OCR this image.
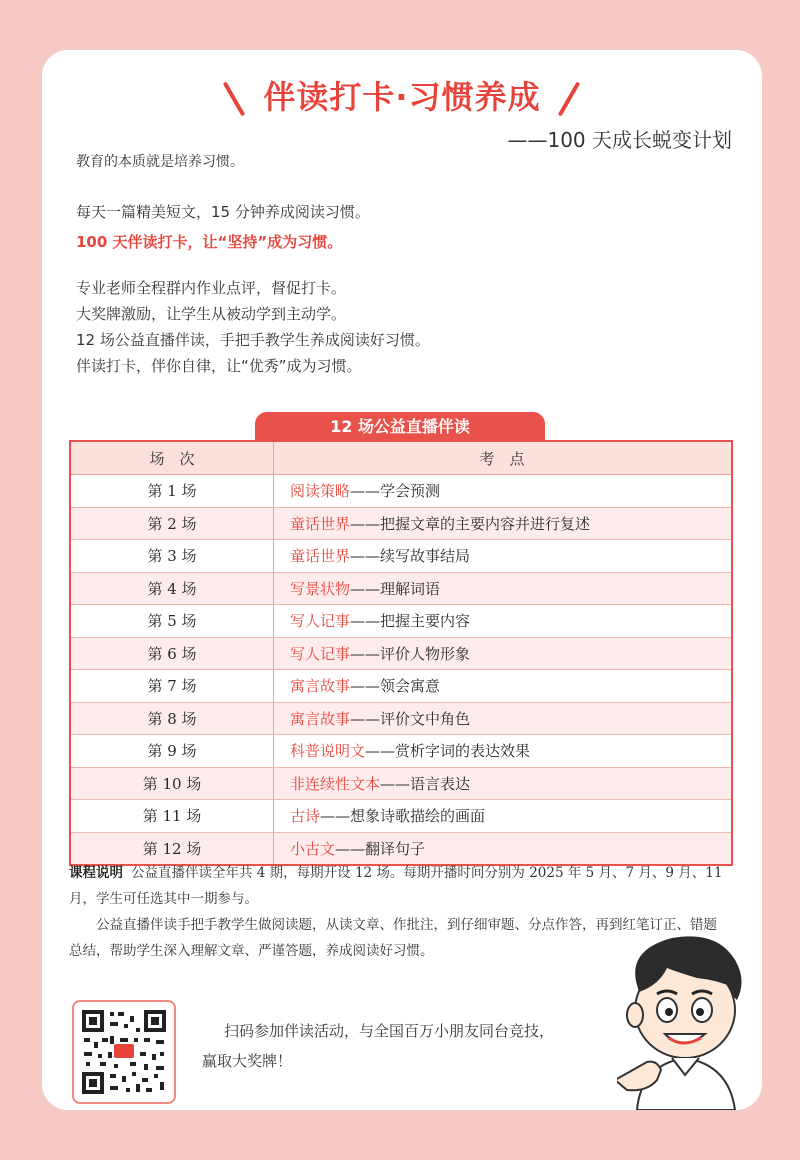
伴读打卡·习惯养成
——100 天成长蜕变计划
教育的本质就是培养习惯。
每天一篇精美短文，15 分钟养成阅读习惯。
100 天伴读打卡，让“坚持”成为习惯。
专业老师全程群内作业点评，督促打卡。
大奖牌激励，让学生从被动学到主动学。
12 场公益直播伴读，手把手教学生养成阅读好习惯。
伴读打卡，伴你自律，让“优秀”成为习惯。
12 场公益直播伴读
场　次	考　点
第 1 场	阅读策略——学会预测
第 2 场	童话世界——把握文章的主要内容并进行复述
第 3 场	童话世界——续写故事结局
第 4 场	写景状物——理解词语
第 5 场	写人记事——把握主要内容
第 6 场	写人记事——评价人物形象
第 7 场	寓言故事——领会寓意
第 8 场	寓言故事——评价文中角色
第 9 场	科普说明文——赏析字词的表达效果
第 10 场	非连续性文本——语言表达
第 11 场	古诗——想象诗歌描绘的画面
第 12 场	小古文——翻译句子
课程说明 公益直播伴读全年共 4 期，每期开设 12 场。每期开播时间分别为 2025 年 5 月、7 月、9 月、11 月，学生可任选其中一期参与。
公益直播伴读手把手教学生做阅读题，从读文章、作批注，到仔细审题、分点作答，再到红笔订正、错题总结，帮助学生深入理解文章、严谨答题，养成阅读好习惯。
扫码参加伴读活动，与全国百万小朋友同台竞技，
赢取大奖牌！
